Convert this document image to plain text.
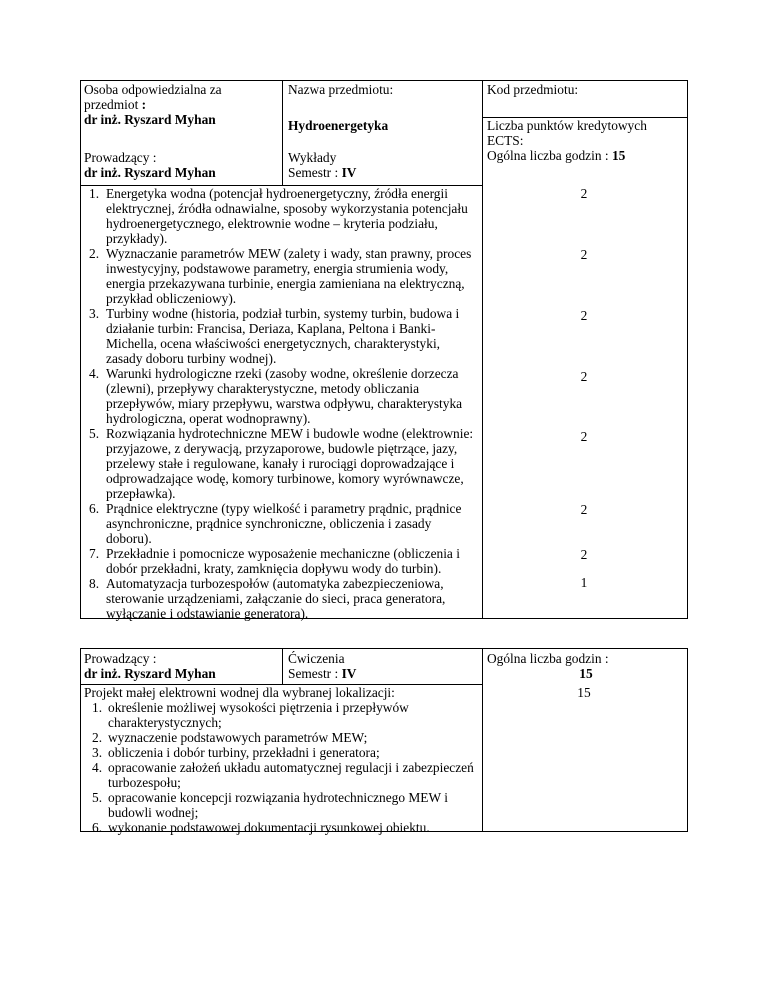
Osoba odpowiedzialna za
przedmiot :
dr inż. Ryszard Myhan
Prowadzący :
dr inż. Ryszard Myhan
Nazwa przedmiotu:
Hydroenergetyka
Wykłady
Semestr : IV
Kod przedmiotu:
Liczba punktów kredytowych ECTS:
Ogólna liczba godzin : 15
1. Energetyka wodna (potencjał hydroenergetyczny, źródła energii elektrycznej, źródła odnawialne, sposoby wykorzystania potencjału hydroenergetycznego, elektrownie wodne – kryteria podziału, przykłady).
2. Wyznaczanie parametrów MEW (zalety i wady, stan prawny, proces inwestycyjny, podstawowe parametry, energia strumienia wody, energia przekazywana turbinie, energia zamieniana na elektryczną, przykład obliczeniowy).
3. Turbiny wodne (historia, podział turbin, systemy turbin, budowa i działanie turbin: Francisa, Deriaza, Kaplana, Peltona i Banki-Michella, ocena właściwości energetycznych, charakterystyki, zasady doboru turbiny wodnej).
4. Warunki hydrologiczne rzeki (zasoby wodne, określenie dorzecza (zlewni), przepływy charakterystyczne, metody obliczania przepływów, miary przepływu, warstwa odpływu, charakterystyka hydrologiczna, operat wodnoprawny).
5. Rozwiązania hydrotechniczne MEW i budowle wodne (elektrownie: przyjazowe, z derywacją, przyzaporowe, budowle piętrzące, jazy, przelewy stałe i regulowane, kanały i rurociągi doprowadzające i odprowadzające wodę, komory turbinowe, komory wyrównawcze, przepławka).
6. Prądnice elektryczne (typy wielkość i parametry prądnic, prądnice asynchroniczne, prądnice synchroniczne, obliczenia i zasady doboru).
7. Przekładnie i pomocnicze wyposażenie mechaniczne (obliczenia i dobór przekładni, kraty, zamknięcia dopływu wody do turbin).
8. Automatyzacja turbozespołów (automatyka zabezpieczeniowa, sterowanie urządzeniami, załączanie do sieci, praca generatora, wyłączanie i odstawianie generatora).
2
2
2
2
2
2
2
1
Prowadzący :
dr inż. Ryszard Myhan
Ćwiczenia
Semestr : IV
Ogólna liczba godzin :
15
Projekt małej elektrowni wodnej dla wybranej lokalizacji:
1. określenie możliwej wysokości piętrzenia i przepływów charakterystycznych;
2. wyznaczenie podstawowych parametrów MEW;
3. obliczenia i dobór turbiny, przekładni i generatora;
4. opracowanie założeń układu automatycznej regulacji i zabezpieczeń turbozespołu;
5. opracowanie koncepcji rozwiązania hydrotechnicznego MEW i budowli wodnej;
6. wykonanie podstawowej dokumentacji rysunkowej obiektu.
15
